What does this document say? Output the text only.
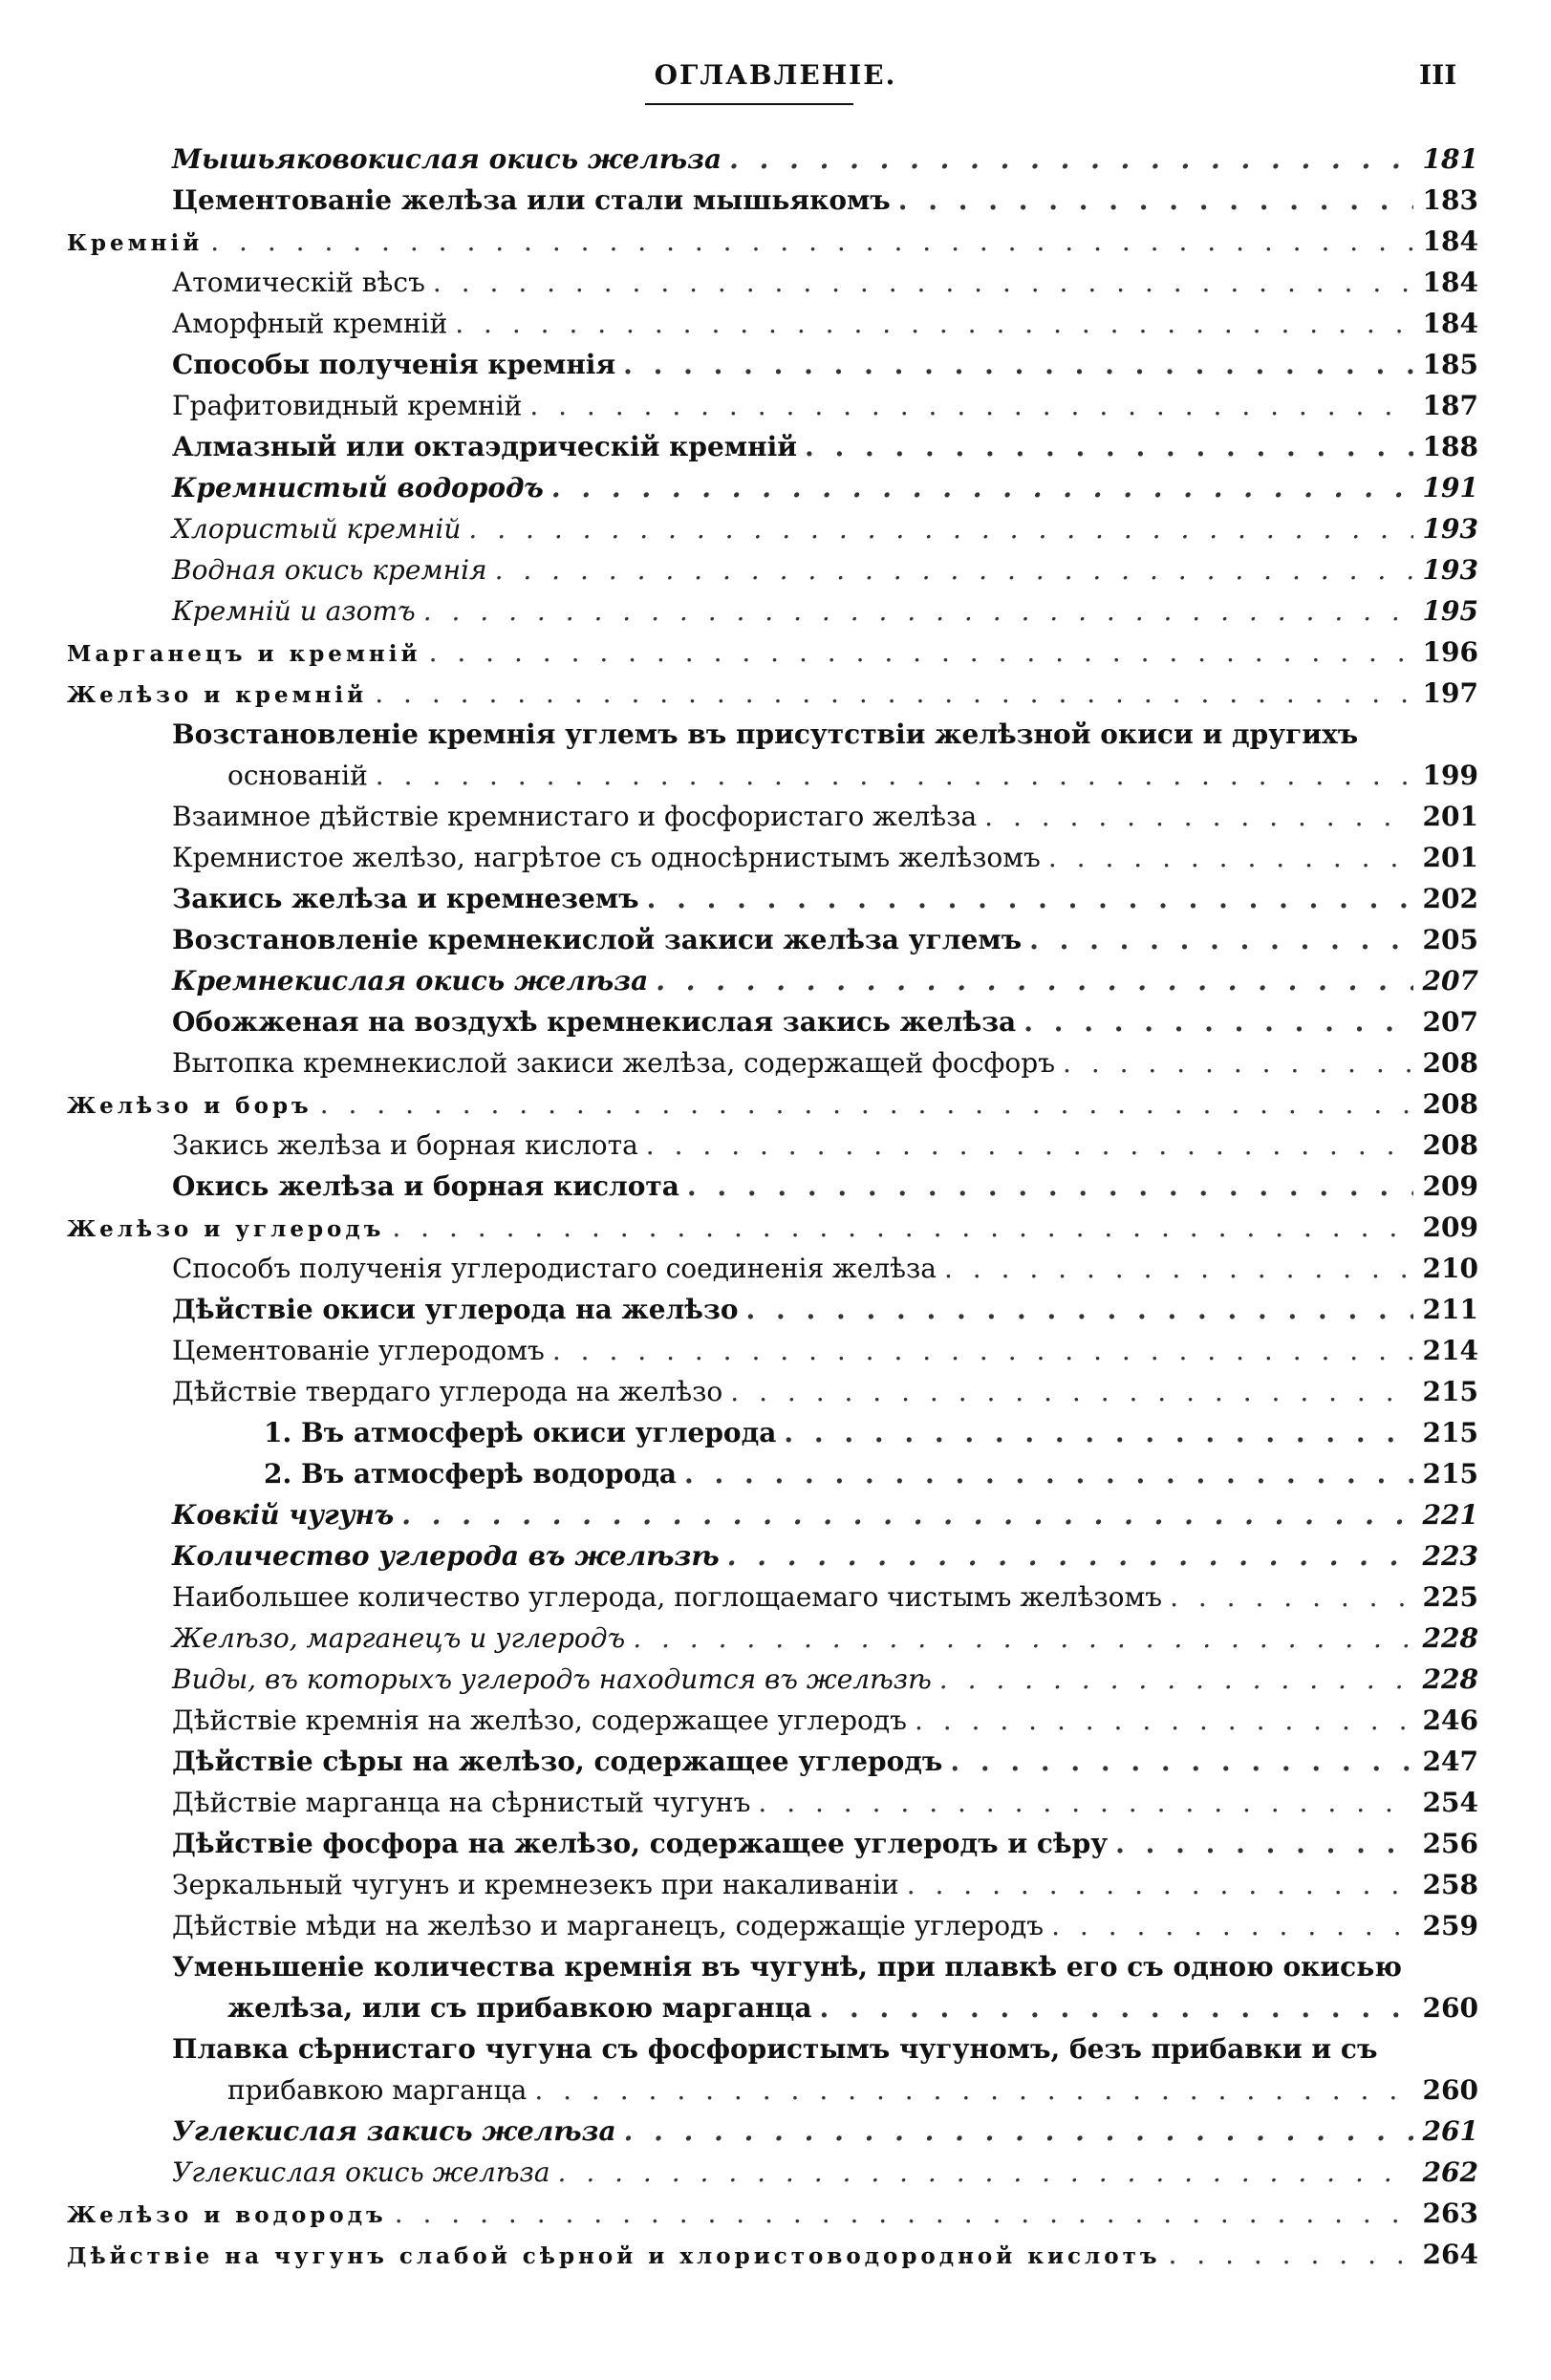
ОГЛАВЛЕНІЕ.	III
Мышьяковокислая окись желѣза . . .	181
Цементованіе желѣза или стали мышьякомъ . . .	183
Кремній . . .	184
Атомическій вѣсъ . . .	184
Аморфный кремній . . .	184
Способы полученія кремнія . . .	185
Графитовидный кремній . . .	187
Алмазный или октаэдрическій кремній . . .	188
Кремнистый водородъ . . .	191
Хлористый кремній . . .	193
Водная окись кремнія . . .	193
Кремній и азотъ . . .	195
Марганецъ и кремній . . .	196
Желѣзо и кремній . . .	197
Возстановленіе кремнія углемъ въ присутствіи желѣзной окиси и другихъ
основаній . . .	199
Взаимное дѣйствіе кремнистаго и фосфористаго желѣза . . .	201
Кремнистое желѣзо, нагрѣтое съ односѣрнистымъ желѣзомъ . . .	201
Закись желѣза и кремнеземъ . . .	202
Возстановленіе кремнекислой закиси желѣза углемъ . . .	205
Кремнекислая окись желѣза . . .	207
Обожженая на воздухѣ кремнекислая закись желѣза . . .	207
Вытопка кремнекислой закиси желѣза, содержащей фосфоръ . . .	208
Желѣзо и боръ . . .	208
Закись желѣза и борная кислота . . .	208
Окись желѣза и борная кислота . . .	209
Желѣзо и углеродъ . . .	209
Способъ полученія углеродистаго соединенія желѣза . . .	210
Дѣйствіе окиси углерода на желѣзо . . .	211
Цементованіе углеродомъ . . .	214
Дѣйствіе твердаго углерода на желѣзо . . .	215
1. Въ атмосферѣ окиси углерода . . .	215
2. Въ атмосферѣ водорода . . .	215
Ковкій чугунъ . . .	221
Количество углерода въ желѣзѣ . . .	223
Наибольшее количество углерода, поглощаемаго чистымъ желѣзомъ . . .	225
Желѣзо, марганецъ и углеродъ . . .	228
Виды, въ которыхъ углеродъ находится въ желѣзѣ . . .	228
Дѣйствіе кремнія на желѣзо, содержащее углеродъ . . .	246
Дѣйствіе сѣры на желѣзо, содержащее углеродъ . . .	247
Дѣйствіе марганца на сѣрнистый чугунъ . . .	254
Дѣйствіе фосфора на желѣзо, содержащее углеродъ и сѣру . . .	256
Зеркальный чугунъ и кремнезекъ при накаливаніи . . .	258
Дѣйствіе мѣди на желѣзо и марганецъ, содержащіе углеродъ . . .	259
Уменьшеніе количества кремнія въ чугунѣ, при плавкѣ его съ одною окисью
желѣза, или съ прибавкою марганца . . .	260
Плавка сѣрнистаго чугуна съ фосфористымъ чугуномъ, безъ прибавки и съ
прибавкою марганца . . .	260
Углекислая закись желѣза . . .	261
Углекислая окись желѣза . . .	262
Желѣзо и водородъ . . .	263
Дѣйствіе на чугунъ слабой сѣрной и хлористоводородной кислотъ . . .	264
